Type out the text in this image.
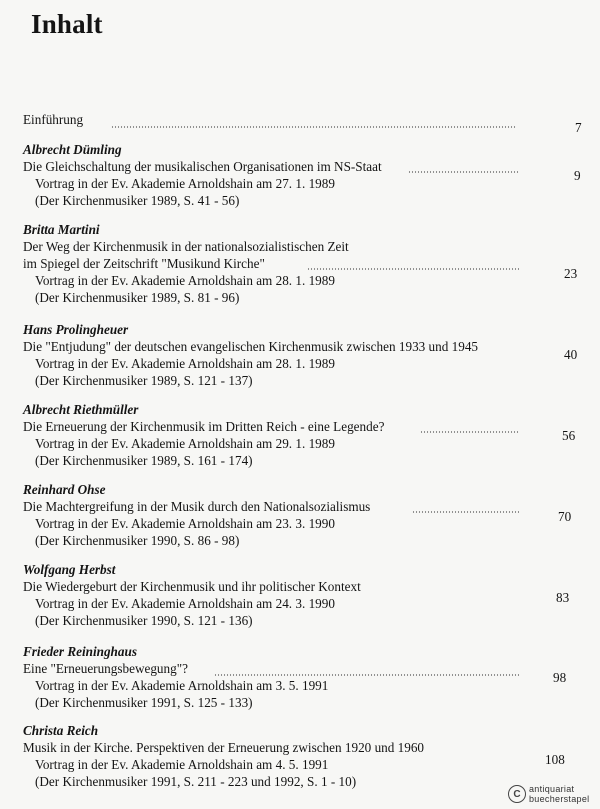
Inhalt
Einführung
7
Albrecht Dümling
Die Gleichschaltung der musikalischen Organisationen im NS-Staat
Vortrag in der Ev. Akademie Arnoldshain am 27. 1. 1989
(Der Kirchenmusiker 1989, S. 41 - 56)
9
Britta Martini
Der Weg der Kirchenmusik in der nationalsozialistischen Zeit
im Spiegel der Zeitschrift "Musikund Kirche"
Vortrag in der Ev. Akademie Arnoldshain am 28. 1. 1989
(Der Kirchenmusiker 1989, S. 81 - 96)
23
Hans Prolingheuer
Die "Entjudung" der deutschen evangelischen Kirchenmusik zwischen 1933 und 1945
Vortrag in der Ev. Akademie Arnoldshain am 28. 1. 1989
(Der Kirchenmusiker 1989, S. 121 - 137)
40
Albrecht Riethmüller
Die Erneuerung der Kirchenmusik im Dritten Reich - eine Legende?
Vortrag in der Ev. Akademie Arnoldshain am 29. 1. 1989
(Der Kirchenmusiker 1989, S. 161 - 174)
56
Reinhard Ohse
Die Machtergreifung in der Musik durch den Nationalsozialismus
Vortrag in der Ev. Akademie Arnoldshain am 23. 3. 1990
(Der Kirchenmusiker 1990, S. 86 - 98)
70
Wolfgang Herbst
Die Wiedergeburt der Kirchenmusik und ihr politischer Kontext
Vortrag in der Ev. Akademie Arnoldshain am 24. 3. 1990
(Der Kirchenmusiker 1990, S. 121 - 136)
83
Frieder Reininghaus
Eine "Erneuerungsbewegung"?
Vortrag in der Ev. Akademie Arnoldshain am 3. 5. 1991
(Der Kirchenmusiker 1991, S. 125 - 133)
98
Christa Reich
Musik in der Kirche. Perspektiven der Erneuerung zwischen 1920 und 1960
Vortrag in der Ev. Akademie Arnoldshain am 4. 5. 1991
(Der Kirchenmusiker 1991, S. 211 - 223 und 1992, S. 1 - 10)
108
C antiquariat
buecherstapel
